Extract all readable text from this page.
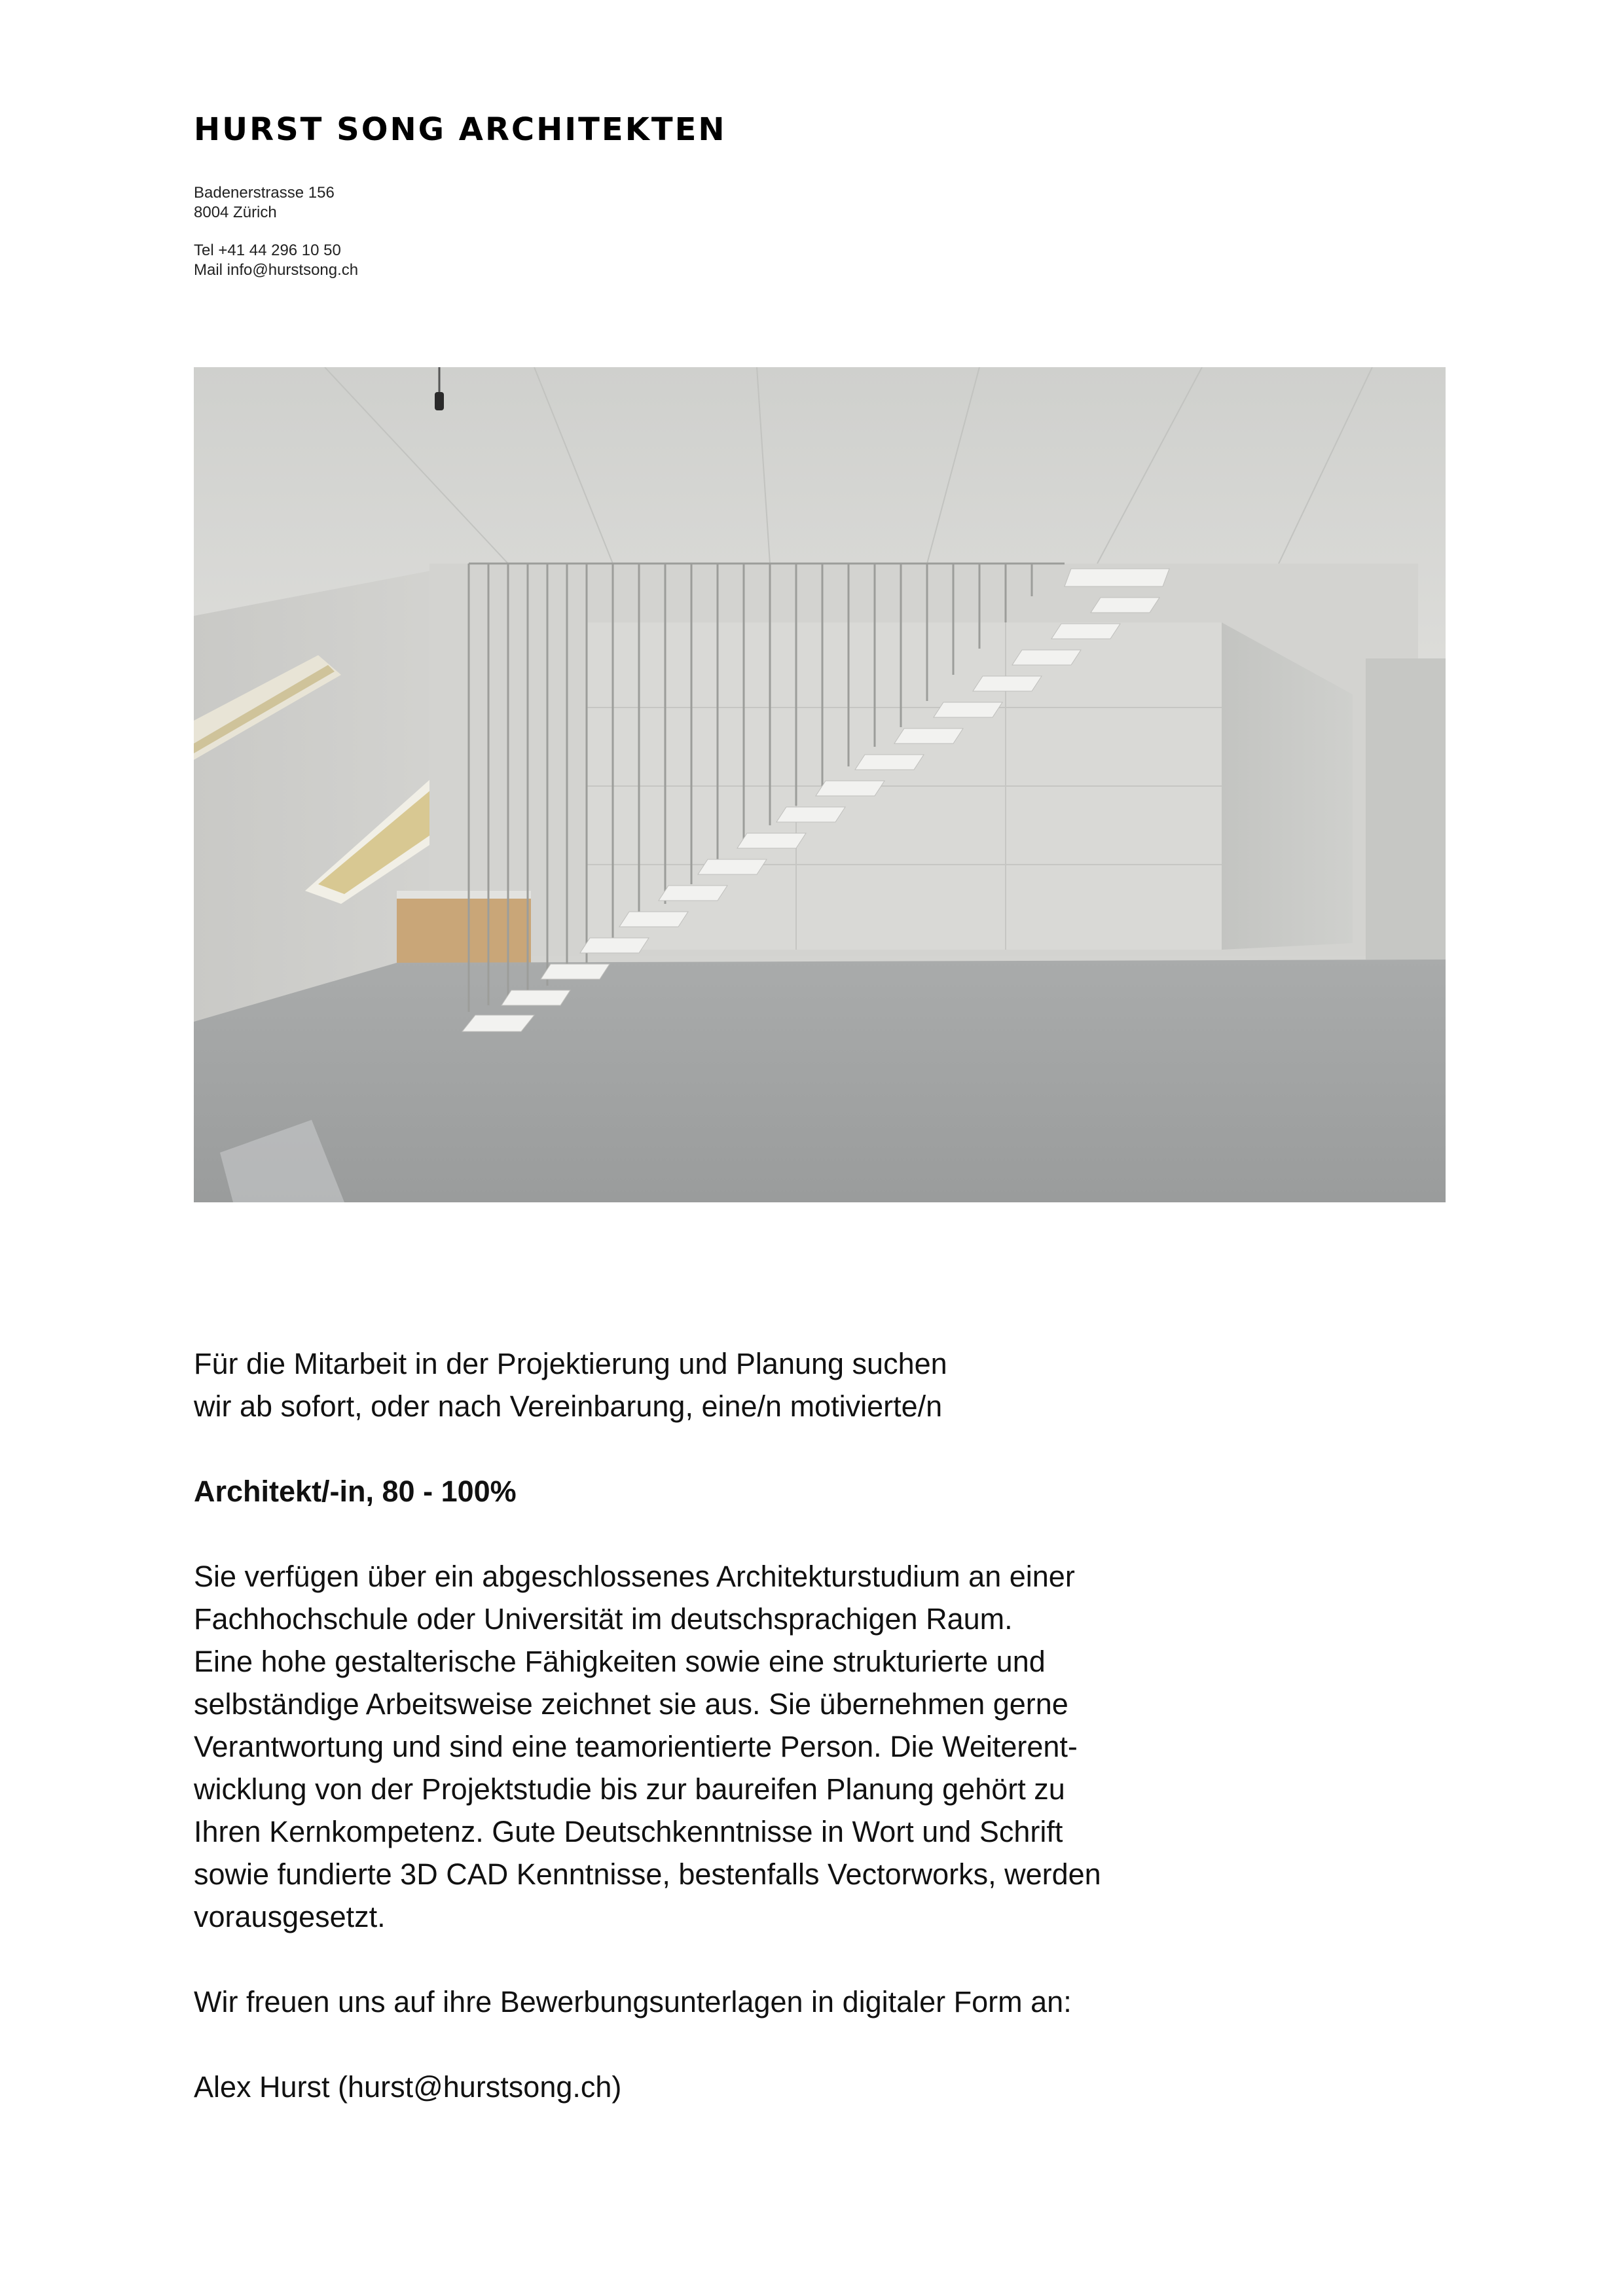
HURST SONG ARCHITEKTEN
Badenerstrasse 156
8004 Zürich
Tel +41 44 296 10 50
Mail info@hurstsong.ch
Für die Mitarbeit in der Projektierung und Planung suchen
wir ab sofort, oder nach Vereinbarung, eine/n motivierte/n
Architekt/-in, 80 - 100%
Sie verfügen über ein abgeschlossenes Architekturstudium an einer
Fachhochschule oder Universität im deutschsprachigen Raum.
Eine hohe gestalterische Fähigkeiten sowie eine strukturierte und
selbständige Arbeitsweise zeichnet sie aus. Sie übernehmen gerne
Verantwortung und sind eine teamorientierte Person. Die Weiterent-
wicklung von der Projektstudie bis zur baureifen Planung gehört zu
Ihren Kernkompetenz. Gute Deutschkenntnisse in Wort und Schrift
sowie fundierte 3D CAD Kenntnisse, bestenfalls Vectorworks, werden
vorausgesetzt.
Wir freuen uns auf ihre Bewerbungsunterlagen in digitaler Form an:
Alex Hurst (hurst@hurstsong.ch)
